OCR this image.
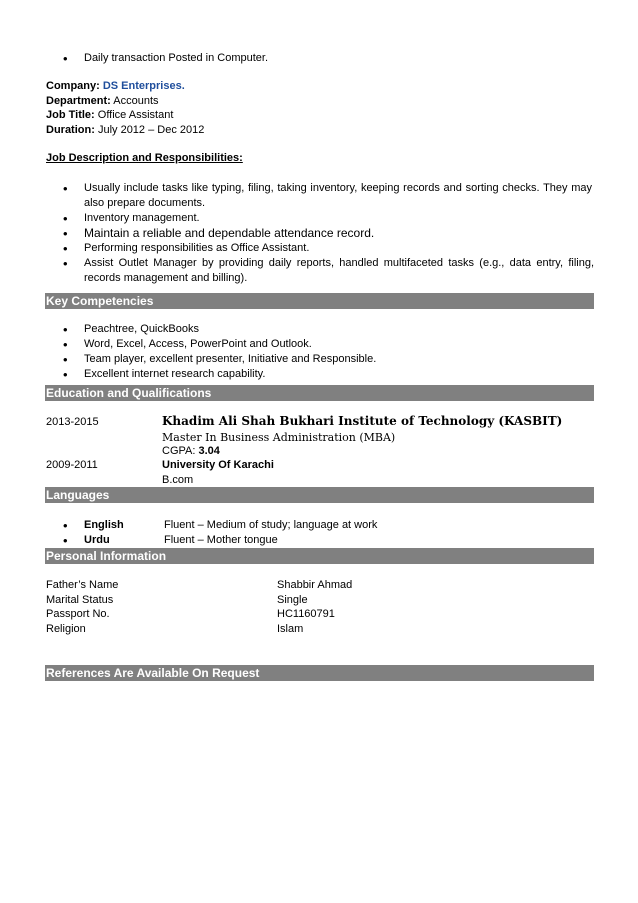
• Daily transaction Posted in Computer.
Company: DS Enterprises.
Department: Accounts
Job Title: Office Assistant
Duration: July 2012 – Dec 2012
Job Description and Responsibilities:
• Usually include tasks like typing, filing, taking inventory, keeping records and sorting checks. They may also prepare documents.
• Inventory management.
• Maintain a reliable and dependable attendance record.
• Performing responsibilities as Office Assistant.
• Assist Outlet Manager by providing daily reports, handled multifaceted tasks (e.g., data entry, filing, records management and billing).
Key Competencies
• Peachtree, QuickBooks
• Word, Excel, Access, PowerPoint and Outlook.
• Team player, excellent presenter, Initiative and Responsible.
• Excellent internet research capability.
Education and Qualifications
2013-2015	Khadim Ali Shah Bukhari Institute of Technology (KASBIT)
Master In Business Administration (MBA)
CGPA: 3.04
2009-2011	University Of Karachi
B.com
Languages
• English	Fluent – Medium of study; language at work
• Urdu	Fluent – Mother tongue
Personal Information
Father’s Name	Shabbir Ahmad
Marital Status	Single
Passport No.	HC1160791
Religion	Islam
References Are Available On Request
